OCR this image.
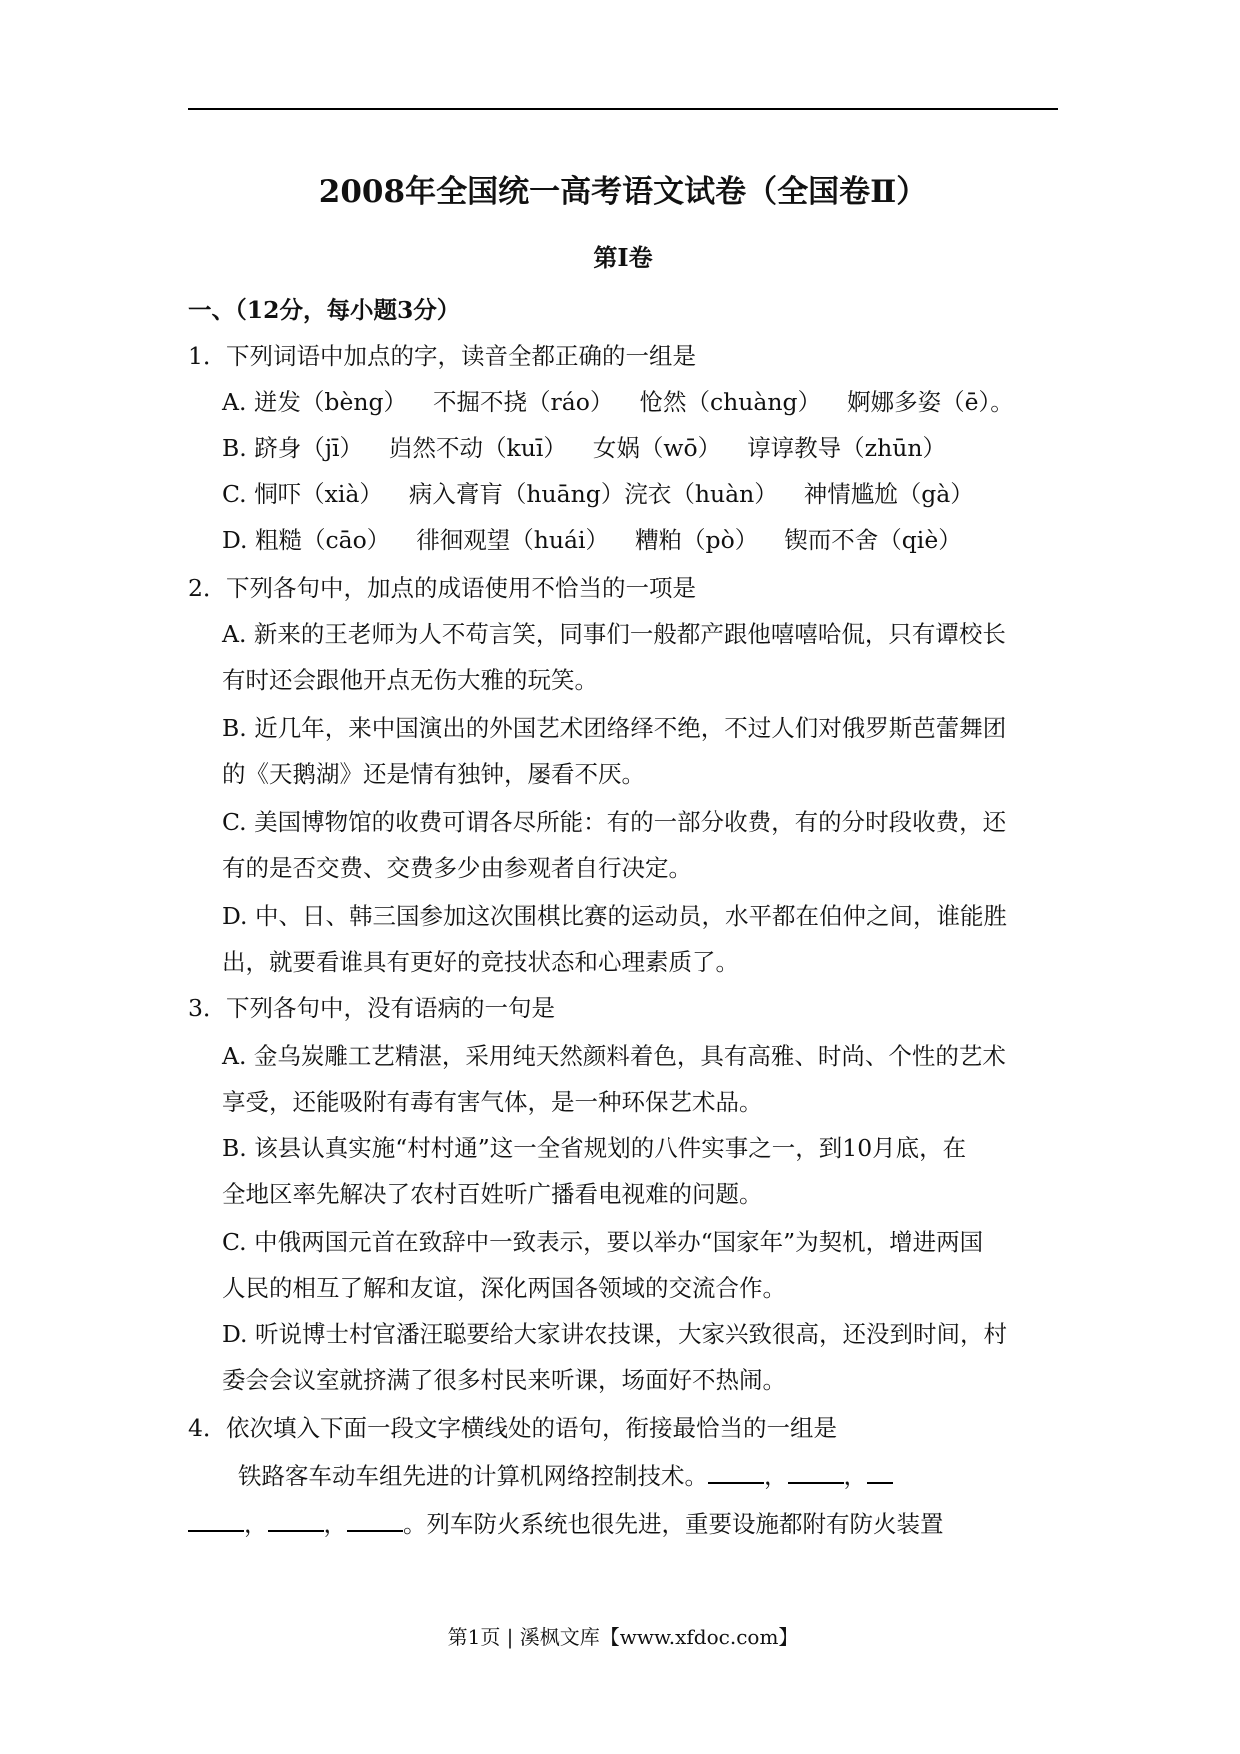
2008年全国统一高考语文试卷（全国卷Ⅱ）
第Ⅰ卷
一、（12分，每小题3分）
1．下列词语中加点的字，读音全都正确的一组是
A. 迸发（bèng） 不掘不挠（ráo） 怆然（chuàng） 婀娜多姿（ē）。
B. 跻身（jī） 岿然不动（kuī） 女娲（wō） 谆谆教导（zhūn）
C. 恫吓（xià） 病入膏肓（huāng）浣衣（huàn） 神情尴尬（gà）
D. 粗糙（cāo） 徘徊观望（huái） 糟粕（pò） 锲而不舍（qiè）
2．下列各句中，加点的成语使用不恰当的一项是
A. 新来的王老师为人不苟言笑，同事们一般都产跟他嘻嘻哈侃，只有谭校长
有时还会跟他开点无伤大雅的玩笑。
B. 近几年，来中国演出的外国艺术团络绎不绝，不过人们对俄罗斯芭蕾舞团
的《天鹅湖》还是情有独钟，屡看不厌。
C. 美国博物馆的收费可谓各尽所能：有的一部分收费，有的分时段收费，还
有的是否交费、交费多少由参观者自行决定。
D. 中、日、韩三国参加这次围棋比赛的运动员，水平都在伯仲之间，谁能胜
出，就要看谁具有更好的竞技状态和心理素质了。
3．下列各句中，没有语病的一句是
A. 金乌炭雕工艺精湛，采用纯天然颜料着色，具有高雅、时尚、个性的艺术
享受，还能吸附有毒有害气体，是一种环保艺术品。
B. 该县认真实施“村村通”这一全省规划的八件实事之一，到10月底，在
全地区率先解决了农村百姓听广播看电视难的问题。
C. 中俄两国元首在致辞中一致表示，要以举办“国家年”为契机，增进两国
人民的相互了解和友谊，深化两国各领域的交流合作。
D. 听说博士村官潘汪聪要给大家讲农技课，大家兴致很高，还没到时间，村
委会会议室就挤满了很多村民来听课，场面好不热闹。
4．依次填入下面一段文字横线处的语句，衔接最恰当的一组是
铁路客车动车组先进的计算机网络控制技术。 ， ，
， ， 。列车防火系统也很先进，重要设施都附有防火装置
第1页 | 溪枫文库【www.xfdoc.com】
